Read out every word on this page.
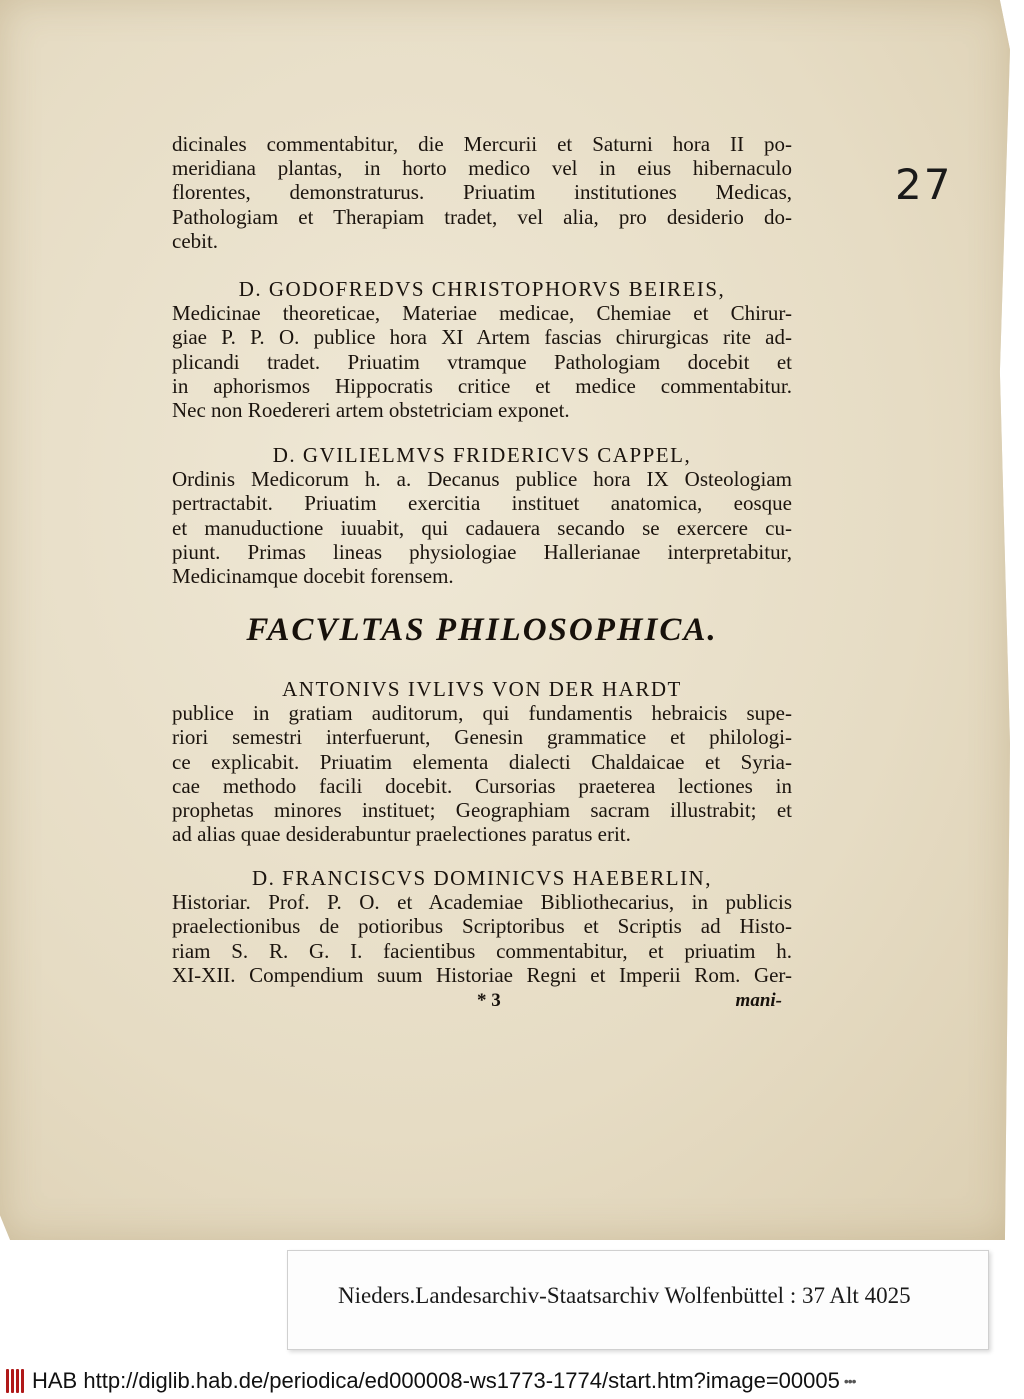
27
dicinales commentabitur, die Mercurii et Saturni hora II po-
meridiana plantas, in horto medico vel in eius hibernaculo
florentes, demonstraturus. Priuatim institutiones Medicas,
Pathologiam et Therapiam tradet, vel alia, pro desiderio do-
cebit.
D. GODOFREDVS CHRISTOPHORVS BEIREIS,
Medicinae theoreticae, Materiae medicae, Chemiae et Chirur-
giae P. P. O. publice hora XI Artem fascias chirurgicas rite ad-
plicandi tradet. Priuatim vtramque Pathologiam docebit et
in aphorismos Hippocratis critice et medice commentabitur.
Nec non Roedereri artem obstetriciam exponet.
D. GVILIELMVS FRIDERICVS CAPPEL,
Ordinis Medicorum h. a. Decanus publice hora IX Osteologiam
pertractabit. Priuatim exercitia instituet anatomica, eosque
et manuductione iuuabit, qui cadauera secando se exercere cu-
piunt. Primas lineas physiologiae Hallerianae interpretabitur,
Medicinamque docebit forensem.
FACVLTAS PHILOSOPHICA.
ANTONIVS IVLIVS VON DER HARDT
publice in gratiam auditorum, qui fundamentis hebraicis supe-
riori semestri interfuerunt, Genesin grammatice et philologi-
ce explicabit. Priuatim elementa dialecti Chaldaicae et Syria-
cae methodo facili docebit. Cursorias praeterea lectiones in
prophetas minores instituet; Geographiam sacram illustrabit; et
ad alias quae desiderabuntur praelectiones paratus erit.
D. FRANCISCVS DOMINICVS HAEBERLIN,
Historiar. Prof. P. O. et Academiae Bibliothecarius, in publicis
praelectionibus de potioribus Scriptoribus et Scriptis ad Histo-
riam S. R. G. I. facientibus commentabitur, et priuatim h.
XI-XII. Compendium suum Historiae Regni et Imperii Rom. Ger-
* 3	mani-
Nieders.Landesarchiv-Staatsarchiv Wolfenbüttel : 37 Alt 4025
HAB
http://diglib.hab.de/periodica/ed000008-ws1773-1774/start.htm?image=00005 •••
